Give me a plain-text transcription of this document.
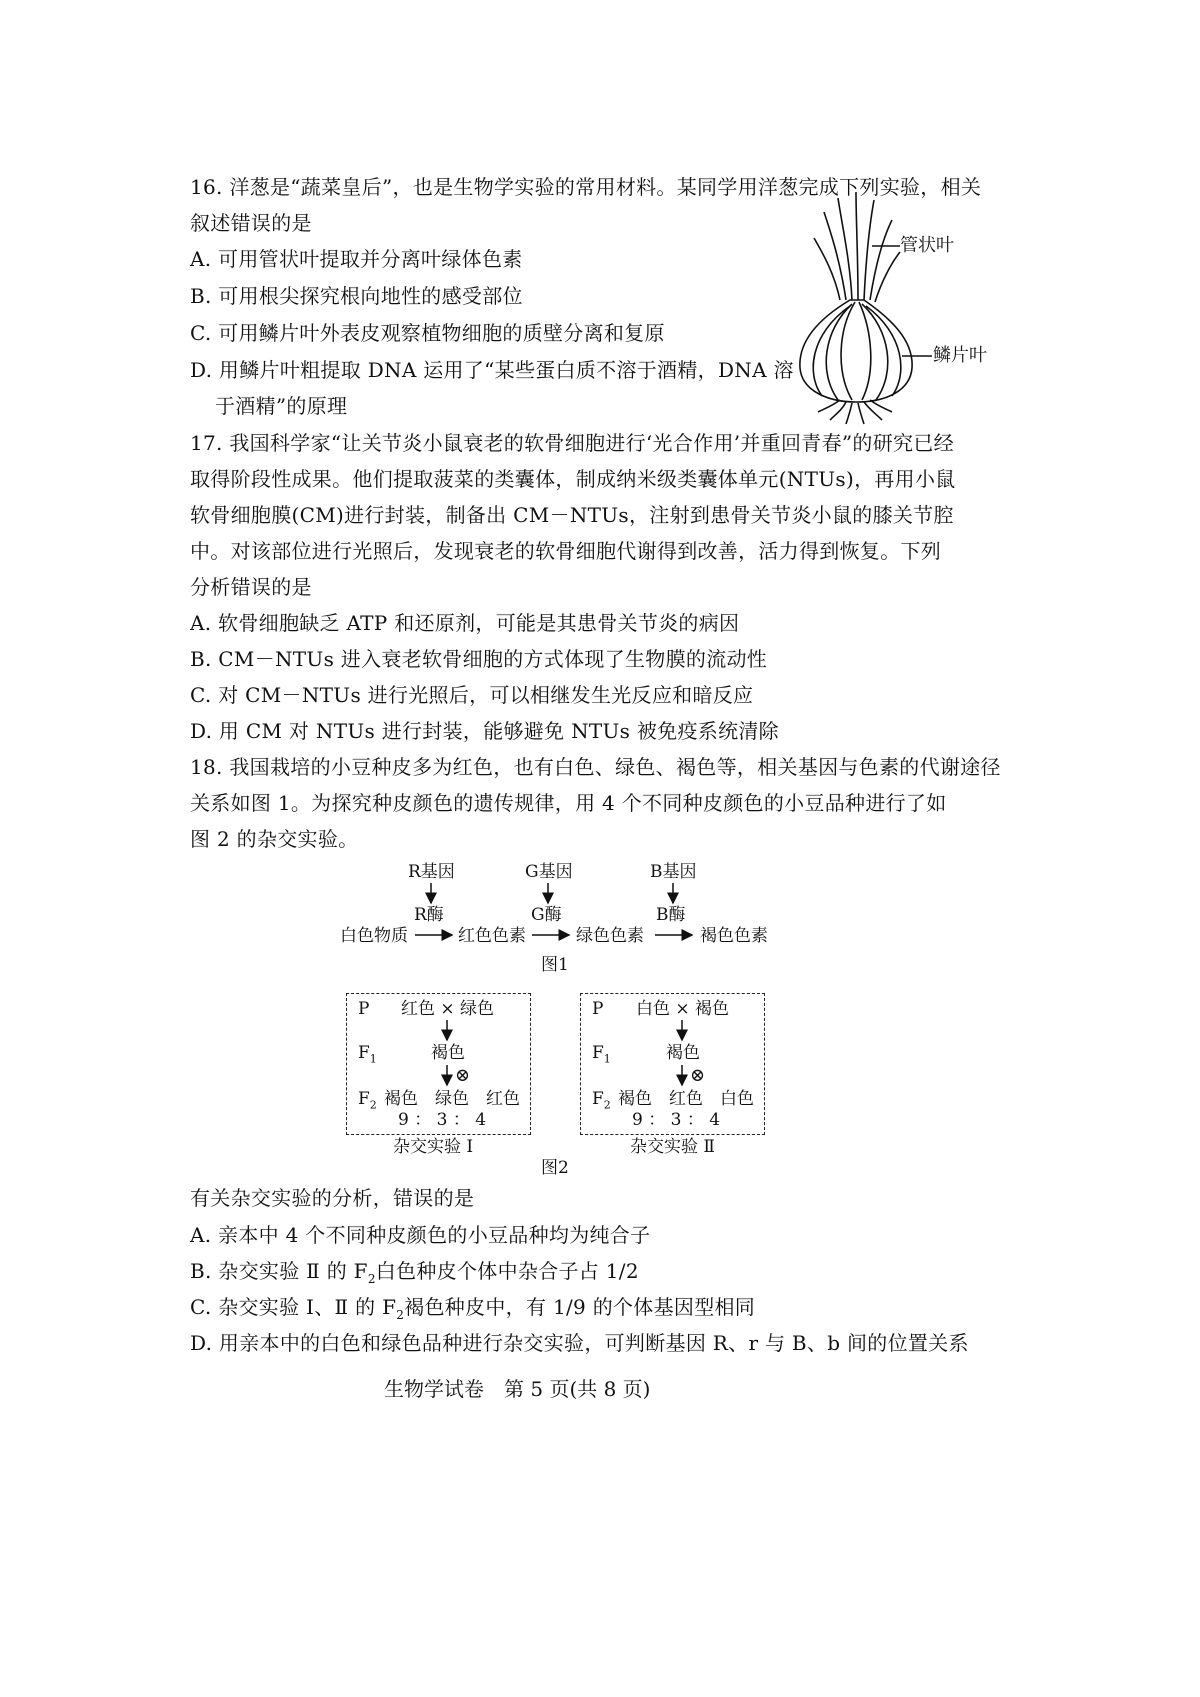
16. 洋葱是“蔬菜皇后”，也是生物学实验的常用材料。某同学用洋葱完成下列实验，相关
叙述错误的是
A. 可用管状叶提取并分离叶绿体色素
B. 可用根尖探究根向地性的感受部位
C. 可用鳞片叶外表皮观察植物细胞的质壁分离和复原
D. 用鳞片叶粗提取 DNA 运用了“某些蛋白质不溶于酒精，DNA 溶
于酒精”的原理
管状叶
鳞片叶
17. 我国科学家“让关节炎小鼠衰老的软骨细胞进行‘光合作用’并重回青春”的研究已经
取得阶段性成果。他们提取菠菜的类囊体，制成纳米级类囊体单元(NTUs)，再用小鼠
软骨细胞膜(CM)进行封装，制备出 CM－NTUs，注射到患骨关节炎小鼠的膝关节腔
中。对该部位进行光照后，发现衰老的软骨细胞代谢得到改善，活力得到恢复。下列
分析错误的是
A. 软骨细胞缺乏 ATP 和还原剂，可能是其患骨关节炎的病因
B. CM－NTUs 进入衰老软骨细胞的方式体现了生物膜的流动性
C. 对 CM－NTUs 进行光照后，可以相继发生光反应和暗反应
D. 用 CM 对 NTUs 进行封装，能够避免 NTUs 被免疫系统清除
18. 我国栽培的小豆种皮多为红色，也有白色、绿色、褐色等，相关基因与色素的代谢途径
关系如图 1。为探究种皮颜色的遗传规律，用 4 个不同种皮颜色的小豆品种进行了如
图 2 的杂交实验。
R基因	G基因	B基因
R酶	G酶	B酶
白色物质	红色色素	绿色色素	褐色色素
图1
P 红色 × 绿色
$F_1$	褐色
⊗
$F_2$ 褐色　绿色　红色
9 ： 3 ： 4
杂交实验 Ⅰ
P 白色 × 褐色
$F_1$	褐色
⊗
$F_2$ 褐色　红色　白色
9 ： 3 ： 4
杂交实验 Ⅱ
图2
有关杂交实验的分析，错误的是
A. 亲本中 4 个不同种皮颜色的小豆品种均为纯合子
B. 杂交实验 Ⅱ 的 $F_2$白色种皮个体中杂合子占 1/2
C. 杂交实验 Ⅰ、Ⅱ 的 $F_2$褐色种皮中，有 1/9 的个体基因型相同
D. 用亲本中的白色和绿色品种进行杂交实验，可判断基因 R、r 与 B、b 间的位置关系
生物学试卷　第 5 页(共 8 页)
